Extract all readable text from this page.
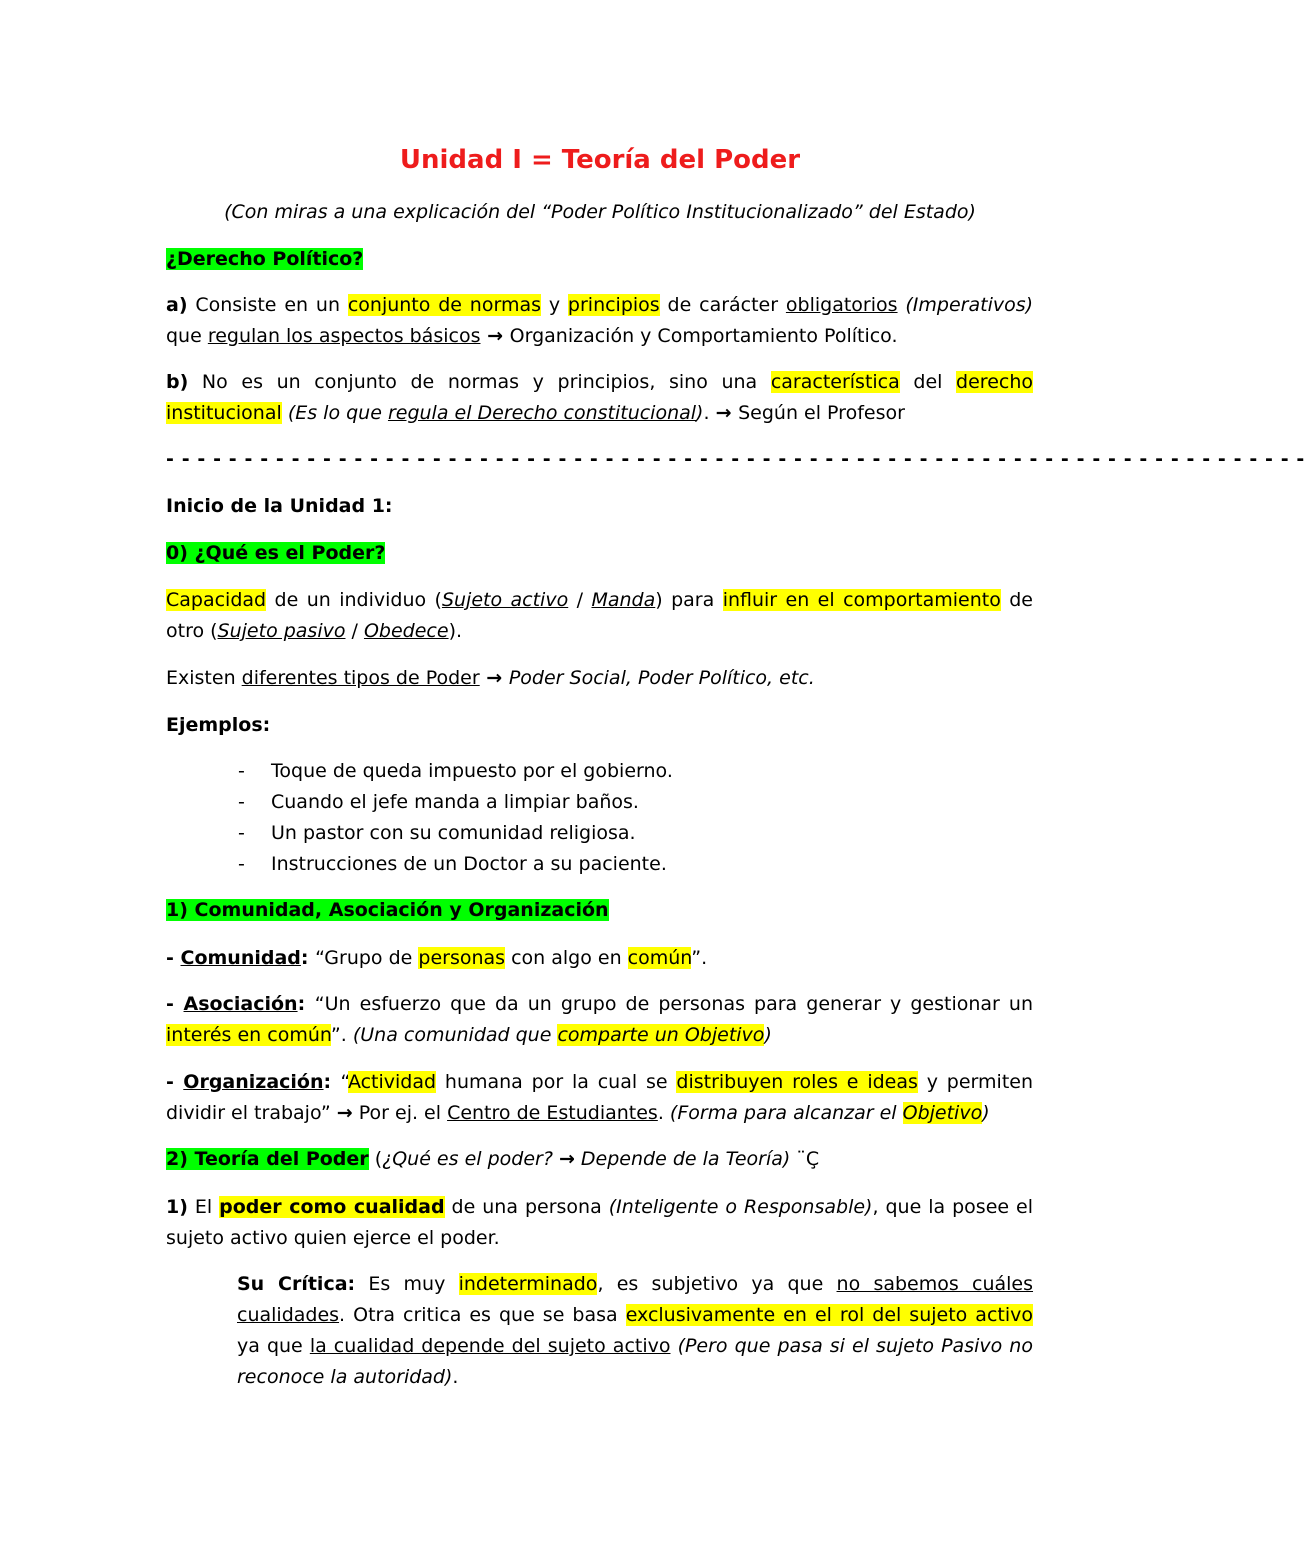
Unidad I = Teoría del Poder
(Con miras a una explicación del “Poder Político Institucionalizado” del Estado)

¿Derecho Político?

a) Consiste en un conjunto de normas y principios de carácter obligatorios (Imperativos) que regulan los aspectos básicos → Organización y Comportamiento Político.

b) No es un conjunto de normas y principios, sino una característica del derecho institucional (Es lo que regula el Derecho constitucional). → Según el Profesor

- - - - - - - - - - - - - - - - - - - - - - - - - - - - - - - - - - - - - - - - - - - - - - - - - - - - - - - - - - - - - - - - - - - - - - - - -

Inicio de la Unidad 1:

0) ¿Qué es el Poder?

Capacidad de un individuo (Sujeto activo / Manda) para influir en el comportamiento de otro (Sujeto pasivo / Obedece).

Existen diferentes tipos de Poder → Poder Social, Poder Político, etc.

Ejemplos:

- Toque de queda impuesto por el gobierno.
- Cuando el jefe manda a limpiar baños.
- Un pastor con su comunidad religiosa.
- Instrucciones de un Doctor a su paciente.

1) Comunidad, Asociación y Organización

- Comunidad: “Grupo de personas con algo en común”.

- Asociación: “Un esfuerzo que da un grupo de personas para generar y gestionar un interés en común”. (Una comunidad que comparte un Objetivo)

- Organización: “Actividad humana por la cual se distribuyen roles e ideas y permiten dividir el trabajo” → Por ej. el Centro de Estudiantes. (Forma para alcanzar el Objetivo)

2) Teoría del Poder (¿Qué es el poder? → Depende de la Teoría) ¨Ç

1) El poder como cualidad de una persona (Inteligente o Responsable), que la posee el sujeto activo quien ejerce el poder.

Su Crítica: Es muy indeterminado, es subjetivo ya que no sabemos cuáles cualidades. Otra critica es que se basa exclusivamente en el rol del sujeto activo ya que la cualidad depende del sujeto activo (Pero que pasa si el sujeto Pasivo no reconoce la autoridad).
